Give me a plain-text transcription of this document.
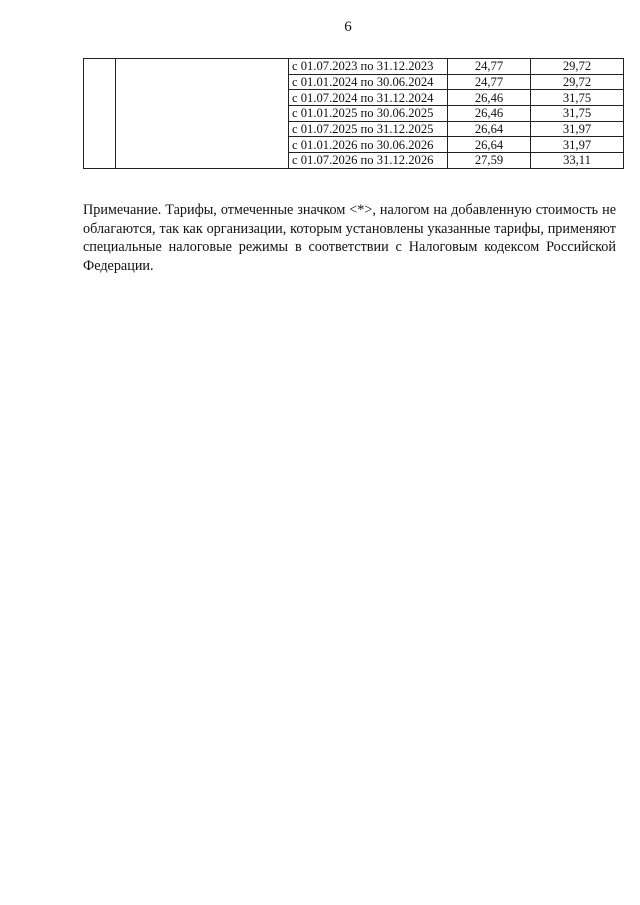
6
		с 01.07.2023 по 31.12.2023	24,77	29,72
		с 01.01.2024 по 30.06.2024	24,77	29,72
		с 01.07.2024 по 31.12.2024	26,46	31,75
		с 01.01.2025 по 30.06.2025	26,46	31,75
		с 01.07.2025 по 31.12.2025	26,64	31,97
		с 01.01.2026 по 30.06.2026	26,64	31,97
		с 01.07.2026 по 31.12.2026	27,59	33,11

Примечание. Тарифы, отмеченные значком <*>, налогом на добавленную стоимость не облагаются, так как организации, которым установлены указанные тарифы, применяют специальные налоговые режимы в соответствии с Налоговым кодексом Российской Федерации.
